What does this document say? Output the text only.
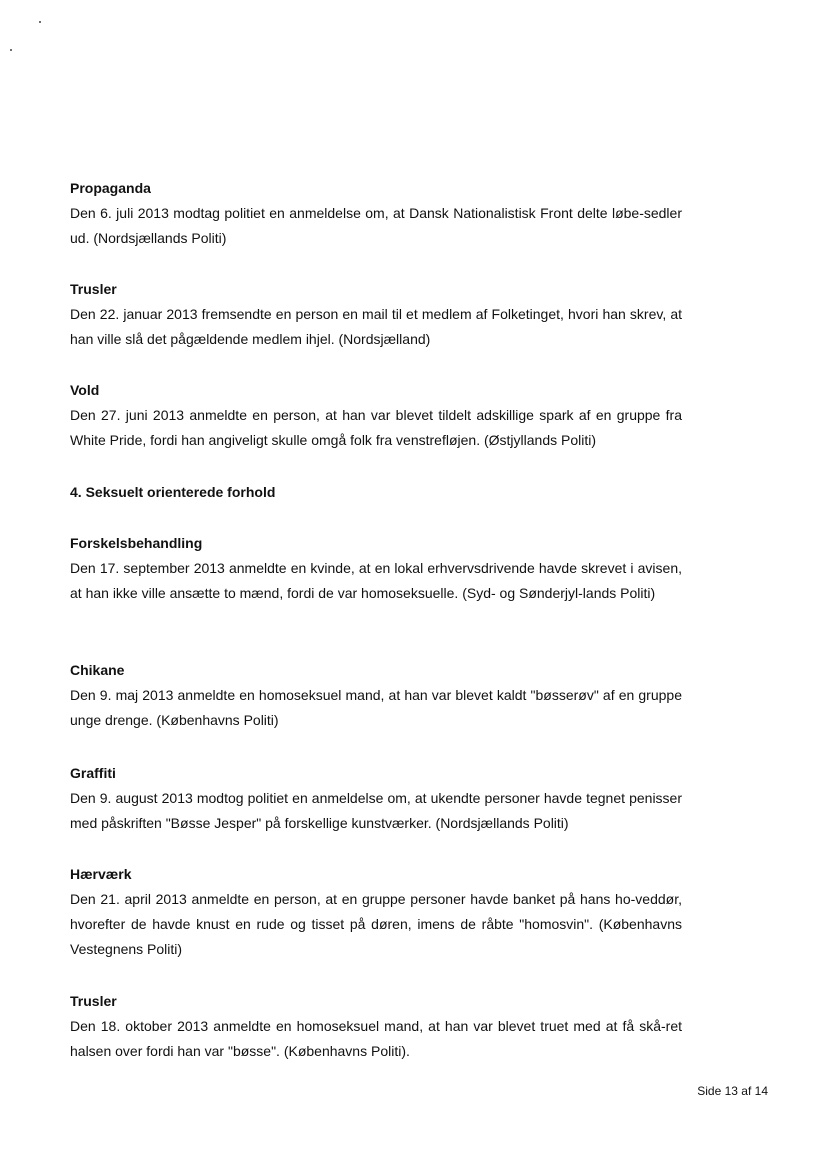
Propaganda

Den 6. juli 2013 modtag politiet en anmeldelse om, at Dansk Nationalistisk Front delte løbe-sedler ud. (Nordsjællands Politi)

Trusler

Den 22. januar 2013 fremsendte en person en mail til et medlem af Folketinget, hvori han skrev, at han ville slå det pågældende medlem ihjel. (Nordsjælland)

Vold

Den 27. juni 2013 anmeldte en person, at han var blevet tildelt adskillige spark af en gruppe fra White Pride, fordi han angiveligt skulle omgå folk fra venstrefløjen. (Østjyllands Politi)

4. Seksuelt orienterede forhold
Forskelsbehandling

Den 17. september 2013 anmeldte en kvinde, at en lokal erhvervsdrivende havde skrevet i avisen, at han ikke ville ansætte to mænd, fordi de var homoseksuelle. (Syd- og Sønderjyl-lands Politi)

Chikane

Den 9. maj 2013 anmeldte en homoseksuel mand, at han var blevet kaldt "bøsserøv" af en gruppe unge drenge. (Københavns Politi)

Graffiti

Den 9. august 2013 modtog politiet en anmeldelse om, at ukendte personer havde tegnet penisser med påskriften "Bøsse Jesper" på forskellige kunstværker. (Nordsjællands Politi)

Hærværk

Den 21. april 2013 anmeldte en person, at en gruppe personer havde banket på hans ho-veddør, hvorefter de havde knust en rude og tisset på døren, imens de råbte "homosvin". (Københavns Vestegnens Politi)

Trusler

Den 18. oktober 2013 anmeldte en homoseksuel mand, at han var blevet truet med at få skå-ret halsen over fordi han var "bøsse". (Københavns Politi).

Side 13 af 14
